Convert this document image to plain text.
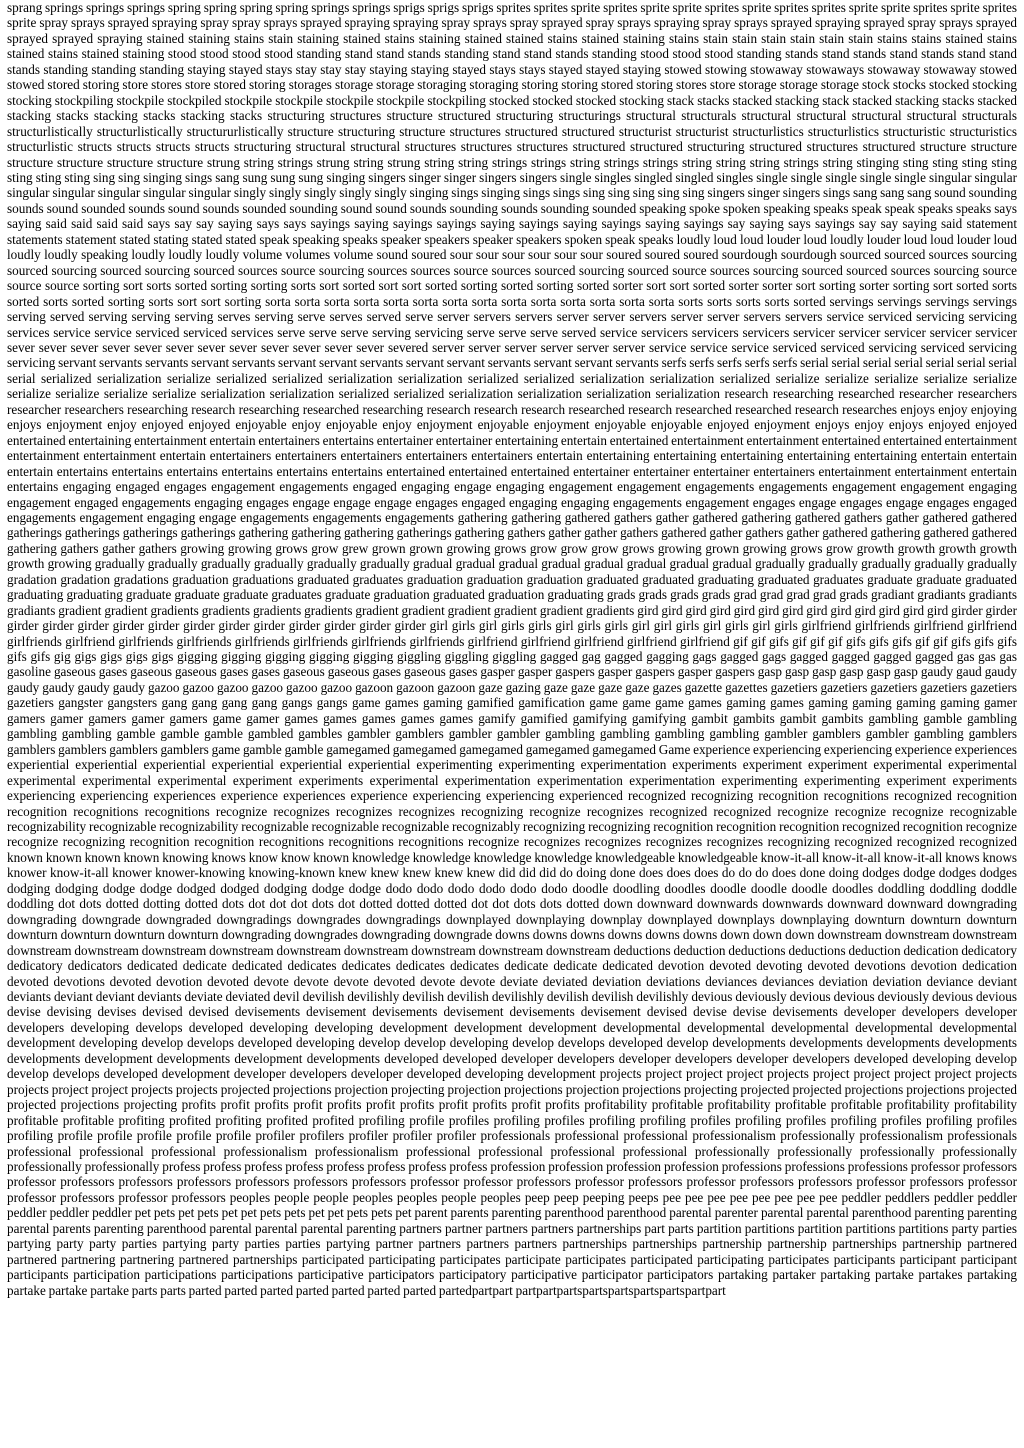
sprang springs springs springs spring spring spring spring springs springs sprigs sprigs sprigs sprites sprites sprite sprites sprite sprite sprites sprite sprites sprites sprite sprite sprites sprite sprites sprite spray sprays sprayed spraying spray spray sprays sprayed spraying spraying spray sprays spray sprayed spray sprays spraying spray sprays sprayed spraying sprayed spray sprays sprayed sprayed sprayed spraying stained staining stains stain staining stained stains staining stained stained stains stained staining stains stain stain stain stain stain stain stains stains stained stains stained stains stained staining stood stood stood stood standing stand stand stands standing stand stand stands standing stood stood stood standing stands stand stands stand stands stand stand stands standing standing standing staying stayed stays stay stay stay staying staying stayed stays stays stayed stayed staying stowed stowing stowaway stowaways stowaway stowaway stowed stowed stored storing store stores store stored storing storages storage storage storaging storaging storing storing stored storing stores store storage storage storage stock stocks stocked stocking stocking stockpiling stockpile stockpiled stockpile stockpile stockpile stockpile stockpiling stocked stocked stocked stocking stack stacks stacked stacking stack stacked stacking stacks stacked stacking stacks stacking stacks stacking stacks structuring structures structure structured structuring structurings structural structurals structural structural structural structural structurals structurlistically structurlistically structururlistically structure structuring structure structures structured structured structurist structurist structurlistics structurlistics structuristic structuristics structurlistic structs structs structs structs structuring structural structural structures structures structures structured structured structuring structured structures structured structure structure structure structure structure structure strung string strings strung string strung string string strings strings string strings strings string string string strings string stinging sting sting sting sting sting sting sting sing sing singing sings sang sung sung sung singing singers singer singer singers singers single singles singled singled singles single single single single single singular singular singular singular singular singular singular singly singly singly singly singly singing sings singing sings sings sing sing sing sing sing singers singer singers sings sang sang sang sound sounding sounds sound sounded sounds sound sounds sounded sounding sound sound sounds sounding sounds sounding sounded speaking spoke spoken speaking speaks speak speak speaks speaks says saying said said said said says say say saying says says sayings saying sayings sayings saying sayings saying sayings saying sayings say saying says sayings say say saying said statement statements statement stated stating stated stated speak speaking speaks speaker speakers speaker speakers spoken speak speaks loudly loud loud louder loud loudly louder loud loud louder loud loudly loudly speaking loudly loudly loudly volume volumes volume sound soured sour sour sour sour sour sour soured soured soured sourdough sourdough sourced sourced sources sourcing sourced sourcing sourced sourcing sourced sources source sourcing sources sources source sources sourced sourcing sourced source sources sourcing sourced sourced sources sourcing source source source sorting sort sorts sorted sorting sorting sorts sort sorted sort sort sorted sorting sorted sorting sorted sorter sort sort sorted sorter sorter sort sorting sorter sorting sort sorted sorts sorted sorts sorted sorting sorts sort sort sorting sorta sorta sorta sorta sorta sorta sorta sorta sorta sorta sorta sorta sorta sorta sorts sorts sorts sorts sorted servings servings servings servings serving served serving serving serving serves serving serve serves served serve server servers servers server server servers server server servers servers service serviced servicing servicing services service service serviced serviced services serve serve serve serving servicing serve serve serve served service servicers servicers servicers servicer servicer servicer servicer servicer sever sever sever sever sever sever sever sever sever sever sever sever severed server server server server server server service service service serviced serviced servicing serviced servicing servicing servant servants servants servant servants servant servant servants servant servant servants servant servant servants serfs serfs serfs serfs serfs serial serial serial serial serial serial serial serial serialized serialization serialize serialized serialized serialization serialization serialized serialized serialization serialization serialized serialize serialize serialize serialize serialize serialize serialize serialize serialize serialization serialization serialized serialized serialization serialization serialization serialization research researching researched researcher researchers researcher researchers researching research researching researched researching research research research researched research researched researched research researches enjoys enjoy enjoying enjoys enjoyment enjoy enjoyed enjoyed enjoyable enjoy enjoyable enjoy enjoyment enjoyable enjoyment enjoyable enjoyable enjoyed enjoyment enjoys enjoy enjoys enjoyed enjoyed entertained entertaining entertainment entertain entertainers entertains entertainer entertainer entertaining entertain entertained entertainment entertainment entertained entertained entertainment entertainment entertainment entertain entertainers entertainers entertainers entertainers entertainers entertain entertaining entertaining entertaining entertaining entertaining entertain entertain entertain entertains entertains entertains entertains entertains entertains entertained entertained entertained entertainer entertainer entertainer entertainers entertainment entertainment entertain entertains engaging engaged engages engagement engagements engaged engaging engage engaging engagement engagement engagements engagements engagement engagement engaging engagement engaged engagements engaging engages engage engage engage engages engaged engaging engaging engagements engagement engages engage engages engage engages engaged engagements engagement engaging engage engagements engagements engagements gathering gathering gathered gathers gather gathered gathering gathered gathers gather gathered gathered gatherings gatherings gatherings gatherings gathering gathering gathering gatherings gathering gathers gather gather gathers gathered gather gathers gather gathered gathering gathered gathered gathering gathers gather gathers growing growing grows grow grew grown grown growing grows grow grow grow grows growing grown growing grows grow growth growth growth growth growth growing gradually gradually gradually gradually gradually gradually gradual gradual gradual gradual gradual gradual gradual gradual gradually gradually gradually gradually gradually gradation gradation gradations graduation graduations graduated graduates graduation graduation graduation graduated graduated graduating graduated graduates graduate graduate graduated graduating graduating graduate graduate graduate graduates graduate graduation graduated graduation graduating grads grads grads grads grad grad grad grad grads gradiant gradiants gradiants gradiants gradient gradient gradients gradients gradients gradients gradient gradient gradient gradient gradient gradients gird gird gird gird gird gird gird gird gird gird gird gird gird girder girder girder girder girder girder girder girder girder girder girder girder girder girder girl girls girl girls girls girl girls girls girl girl girls girl girls girl girls girlfriend girlfriends girlfriend girlfriend girlfriends girlfriend girlfriends girlfriends girlfriends girlfriends girlfriends girlfriends girlfriend girlfriend girlfriend girlfriend girlfriend gif gif gifs gif gif gif gifs gifs gifs gif gif gifs gifs gifs gifs gifs gig gigs gigs gigs gigs gigging gigging gigging gigging gigging giggling giggling giggling gagged gag gagged gagging gags gagged gags gagged gagged gagged gagged gas gas gas gasoline gaseous gases gaseous gaseous gases gases gaseous gaseous gases gaseous gases gasper gasper gaspers gasper gaspers gasper gaspers gasp gasp gasp gasp gasp gasp gaudy gaud gaudy gaudy gaudy gaudy gaudy gazoo gazoo gazoo gazoo gazoo gazoo gazoon gazoon gazoon gaze gazing gaze gaze gaze gaze gazes gazette gazettes gazetiers gazetiers gazetiers gazetiers gazetiers gazetiers gangster gangsters gang gang gang gang gangs gangs game games gaming gamified gamification game game game games gaming games gaming gaming gaming gaming gamer gamers gamer gamers gamer gamers game gamer games games games games games gamify gamified gamifying gamifying gambit gambits gambit gambits gambling gamble gambling gambling gambling gamble gamble gamble gambled gambles gambler gamblers gambler gambler gambling gambling gambling gambling gambler gamblers gambler gambling gamblers gamblers gamblers gamblers gamblers game gamble gamble gamegamed gamegamed gamegamed gamegamed gamegamed Game experience experiencing experiencing experience experiences experiential experiential experiential experiential experiential experiential experimenting experimenting experimentation experiments experiment experiment experimental experimental experimental experimental experimental experiment experiments experimental experimentation experimentation experimentation experimenting experimenting experiment experiments experiencing experiencing experiences experience experiences experience experiencing experiencing experienced recognized recognizing recognition recognitions recognized recognition recognition recognitions recognitions recognize recognizes recognizes recognizes recognizing recognize recognizes recognized recognized recognize recognize recognize recognizable recognizability recognizable recognizability recognizable recognizable recognizable recognizably recognizing recognizing recognition recognition recognition recognized recognition recognize recognize recognizing recognition recognition recognitions recognitions recognitions recognize recognizes recognizes recognizes recognizes recognizing recognized recognized recognized known known known known knowing knows know know known knowledge knowledge knowledge knowledge knowledgeable knowledgeable know-it-all know-it-all know-it-all knows knows knower know-it-all knower knower-knowing knowing-known knew knew knew knew knew did did did do doing done does does does do do do does done doing dodges dodge dodges dodges dodging dodging dodge dodge dodged dodged dodging dodge dodge dodo dodo dodo dodo dodo dodo doodle doodling doodles doodle doodle doodle doodles doddling doddling doddle doddling dot dots dotted dotting dotted dots dot dot dot dots dot dotted dotted dotted dot dot dots dots dotted down downward downwards downwards downward downward downgrading downgrading downgrade downgraded downgradings downgrades downgradings downplayed downplaying downplay downplayed downplays downplaying downturn downturn downturn downturn downturn downturn downturn downgrading downgrades downgrading downgrade downs downs downs downs downs downs down down down downstream downstream downstream downstream downstream downstream downstream downstream downstream downstream downstream downstream deductions deduction deductions deductions deduction dedication dedicatory dedicatory dedicators dedicated dedicate dedicated dedicates dedicates dedicates dedicates dedicate dedicate dedicated devotion devoted devoting devoted devotions devotion dedication devoted devotions devoted devotion devoted devote devote devote devoted devote devote deviate deviated deviation deviations deviances deviances deviation deviation deviance deviant deviants deviant deviant deviants deviate deviated devil devilish devilishly devilish devilish devilishly devilish devilish devilishly devious deviously devious devious deviously devious devious devise devising devises devised devised devisements devisement devisements devisement devisements devisement devised devise devise devisements developer developers developer developers developing develops developed developing developing development development development developmental developmental developmental developmental developmental development developing develop develops developed developing develop develop developing develop develops developed develop developments developments developments developments developments development developments development developments developed developed developer developers developer developers developer developers developed developing develop develop develops developed development developer developers developer developed developing development projects project project project projects project project project project projects projects project project projects projects projected projections projection projecting projection projections projection projections projecting projected projected projections projections projected projected projections projecting profits profit profits profit profits profit profits profit profits profit profits profitability profitable profitability profitable profitable profitability profitability profitable profitable profiting profited profiting profited profited profiling profile profiles profiling profiles profiling profiling profiles profiling profiles profiling profiles profiling profiles profiling profile profile profile profile profile profiler profilers profiler profiler profiler professionals professional professional professionalism professionally professionalism professionals professional professional professional professionalism professionalism professional professional professional professional professionally professionally professionally professionally professionally professionally profess profess profess profess profess profess profess profess profession profession profession profession professions professions professions professor professors professor professors professors professors professors professors professors professor professor professors professor professors professor professors professors professor professors professor professor professors professor professors peoples people people peoples peoples people peoples peep peep peeping peeps pee pee pee pee pee pee pee pee peddler peddlers peddler peddler peddler peddler peddler pet pets pet pets pet pet pets pets pet pet pets pets pet parent parents parenting parenthood parenthood parental parenter parental parental parenthood parenting parenting parental parents parenting parenthood parental parental parental parenting partners partner partners partners partnerships part parts partition partitions partition partitions partitions party parties partying party party parties partying party parties parties partying partner partners partners partners partnerships partnerships partnership partnership partnerships partnership partnered partnered partnering partnering partnered partnerships participated participating participates participate participates participated participating participates participants participant participant participants participation participations participations participative participators participatory participative participator participators partaking partaker partaking partake partakes partaking partake partake partake parts parts parted parted parted parted parted parted parted partedpartpart partpartpartspartspartspartspartspartpart
